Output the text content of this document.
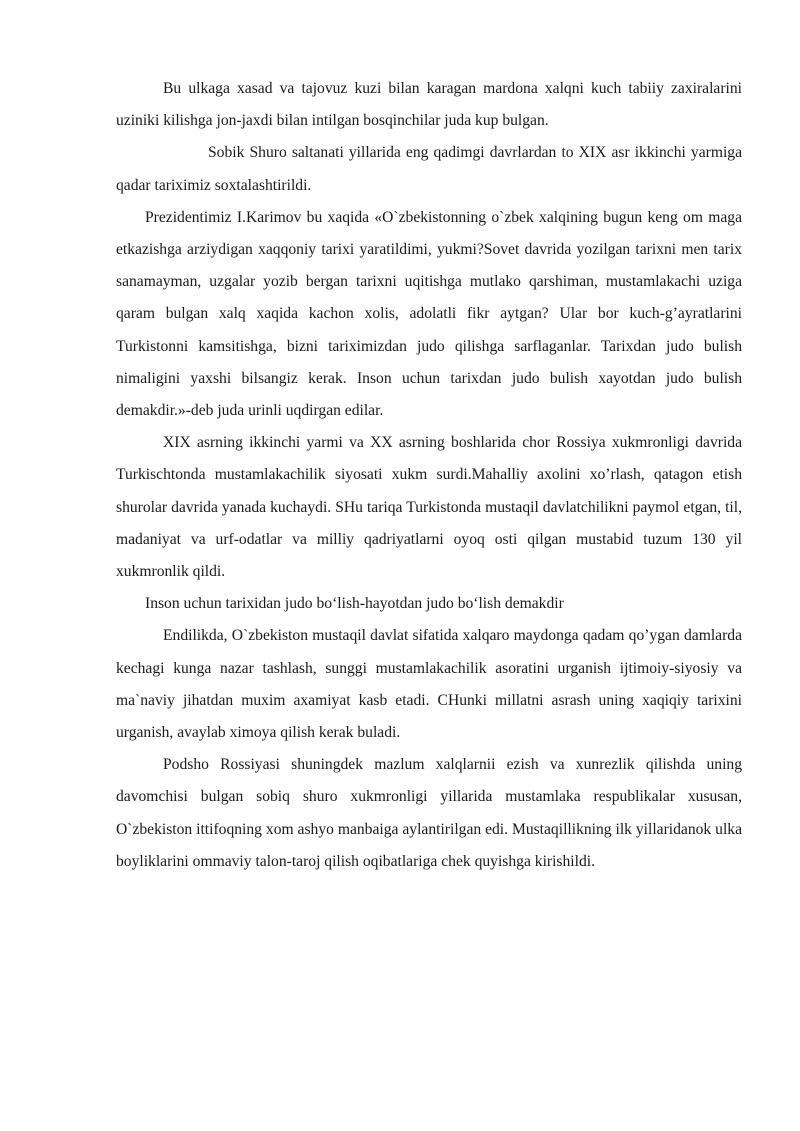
Bu ulkaga xasad va tajovuz kuzi bilan karagan mardona xalqni kuch tabiiy zaxiralarini uziniki kilishga jon-jaxdi bilan intilgan bosqinchilar juda kup bulgan.

Sobik Shuro saltanati yillarida eng qadimgi davrlardan to XIX asr ikkinchi yarmiga qadar tariximiz soxtalashtirildi.

Prezidentimiz I.Karimov bu xaqida «O`zbekistonning o`zbek xalqining bugun keng om maga etkazishga arziydigan xaqqoniy tarixi yaratildimi, yukmi?Sovet davrida yozilgan tarixni men tarix sanamayman, uzgalar yozib bergan tarixni uqitishga mutlako qarshiman, mustamlakachi uziga qaram bulgan xalq xaqida kachon xolis, adolatli fikr aytgan? Ular bor kuch-g’ayratlarini Turkistonni kamsitishga, bizni tariximizdan judo qilishga sarflaganlar. Tarixdan judo bulish nimaligini yaxshi bilsangiz kerak. Inson uchun tarixdan judo bulish xayotdan judo bulish demakdir.»-deb juda urinli uqdirgan edilar.

XIX asrning ikkinchi yarmi va XX asrning boshlarida chor Rossiya xukmronligi davrida Turkischtonda mustamlakachilik siyosati xukm surdi.Mahalliy axolini xo’rlash, qatagon etish shurolar davrida yanada kuchaydi. SHu tariqa Turkistonda mustaqil davlatchilikni paymol etgan, til, madaniyat va urf-odatlar va milliy qadriyatlarni oyoq osti qilgan mustabid tuzum 130 yil xukmronlik qildi.

Inson uchun tarixidan judo bo‘lish-hayotdan judo bo‘lish demakdir

Endilikda, O`zbekiston mustaqil davlat sifatida xalqaro maydonga qadam qo’ygan damlarda kechagi kunga nazar tashlash, sunggi mustamlakachilik asoratini urganish ijtimoiy-siyosiy va ma`naviy jihatdan muxim axamiyat kasb etadi. CHunki millatni asrash uning xaqiqiy tarixini urganish, avaylab ximoya qilish kerak buladi.

Podsho Rossiyasi shuningdek mazlum xalqlarnii ezish va xunrezlik qilishda uning davomchisi bulgan sobiq shuro xukmronligi yillarida mustamlaka respublikalar xususan, O`zbekiston ittifoqning xom ashyo manbaiga aylantirilgan edi. Mustaqillikning ilk yillaridanok ulka boyliklarini ommaviy talon-taroj qilish oqibatlariga chek quyishga kirishildi.
